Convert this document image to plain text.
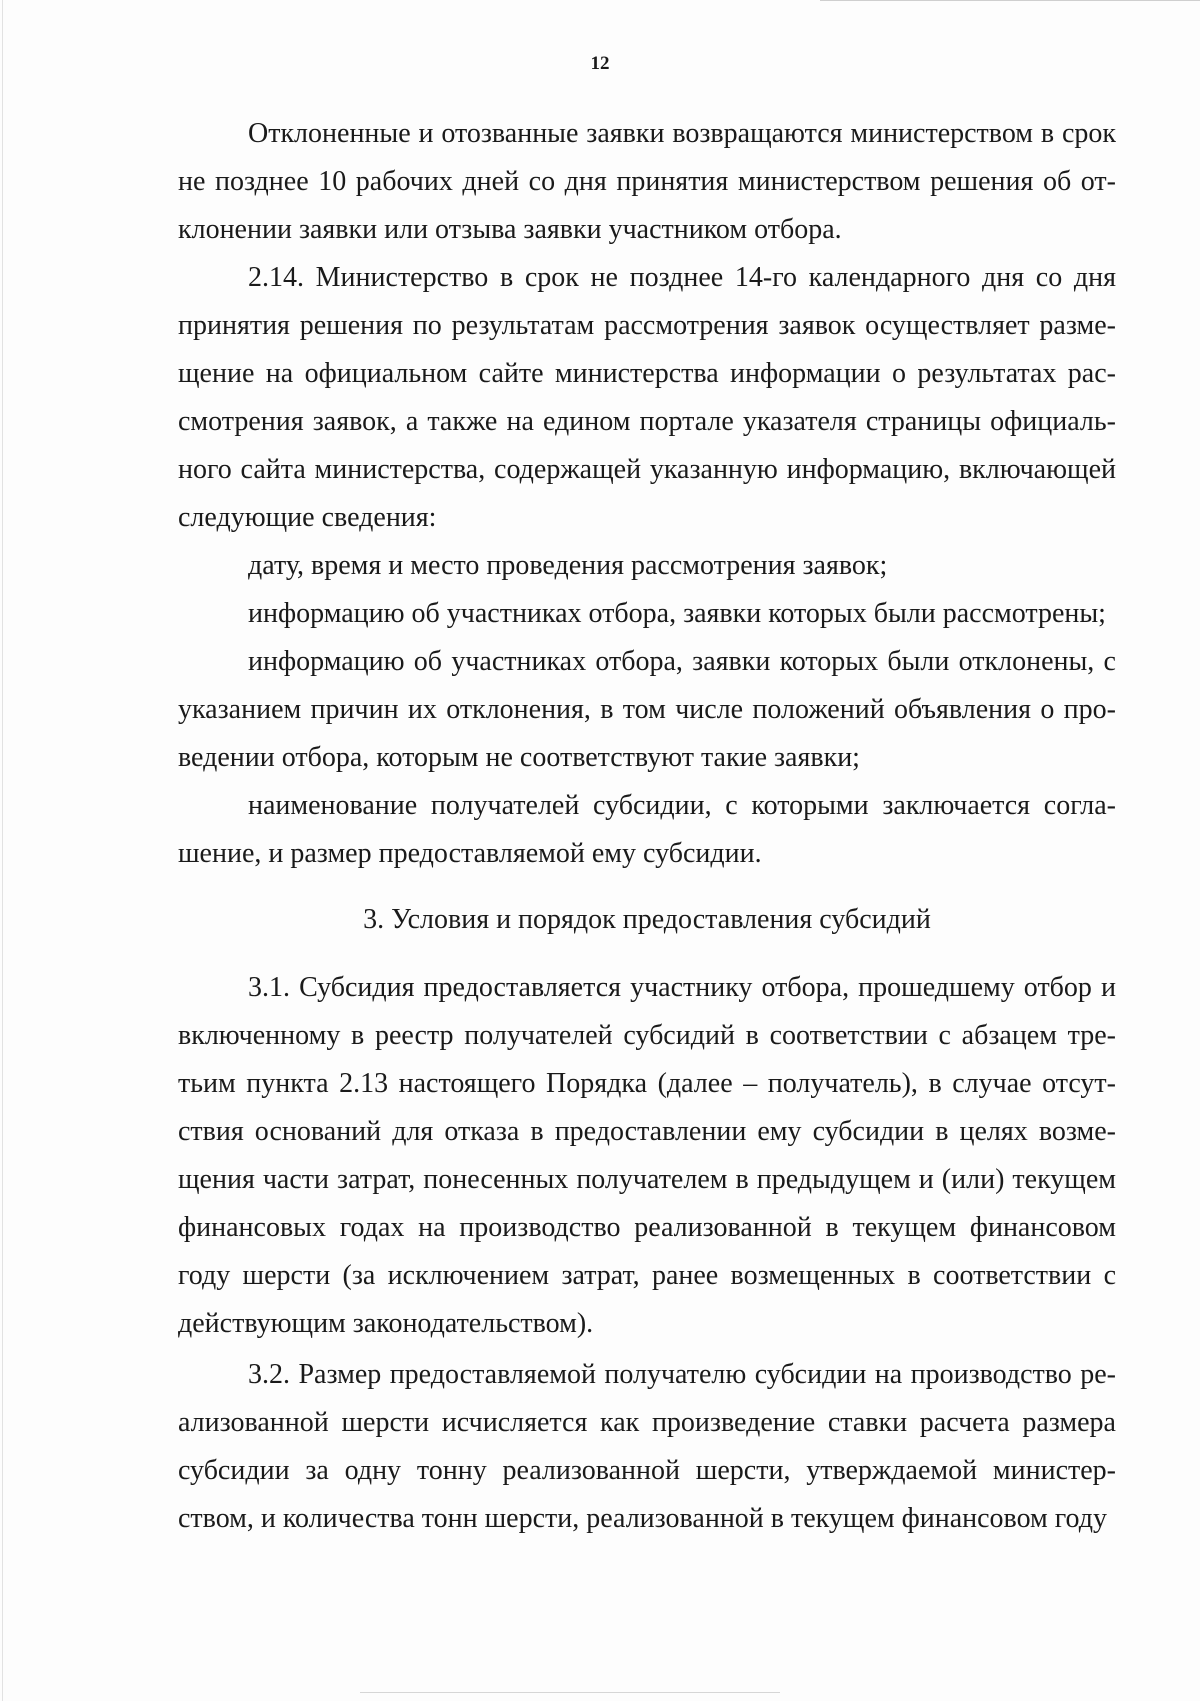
12

Отклоненные и отозванные заявки возвращаются министерством в срок не позднее 10 рабочих дней со дня принятия министерством решения об отклонении заявки или отзыва заявки участником отбора.

2.14. Министерство в срок не позднее 14-го календарного дня со дня принятия решения по результатам рассмотрения заявок осуществляет размещение на официальном сайте министерства информации о результатах рассмотрения заявок, а также на едином портале указателя страницы официального сайта министерства, содержащей указанную информацию, включающей следующие сведения:

дату, время и место проведения рассмотрения заявок;

информацию об участниках отбора, заявки которых были рассмотрены;

информацию об участниках отбора, заявки которых были отклонены, с указанием причин их отклонения, в том числе положений объявления о проведении отбора, которым не соответствуют такие заявки;

наименование получателей субсидии, с которыми заключается соглашение, и размер предоставляемой ему субсидии.

3. Условия и порядок предоставления субсидий

3.1. Субсидия предоставляется участнику отбора, прошедшему отбор и включенному в реестр получателей субсидий в соответствии с абзацем третьим пункта 2.13 настоящего Порядка (далее – получатель), в случае отсутствия оснований для отказа в предоставлении ему субсидии в целях возмещения части затрат, понесенных получателем в предыдущем и (или) текущем финансовых годах на производство реализованной в текущем финансовом году шерсти (за исключением затрат, ранее возмещенных в соответствии с действующим законодательством).

3.2. Размер предоставляемой получателю субсидии на производство реализованной шерсти исчисляется как произведение ставки расчета размера субсидии за одну тонну реализованной шерсти, утверждаемой министерством, и количества тонн шерсти, реализованной в текущем финансовом году
